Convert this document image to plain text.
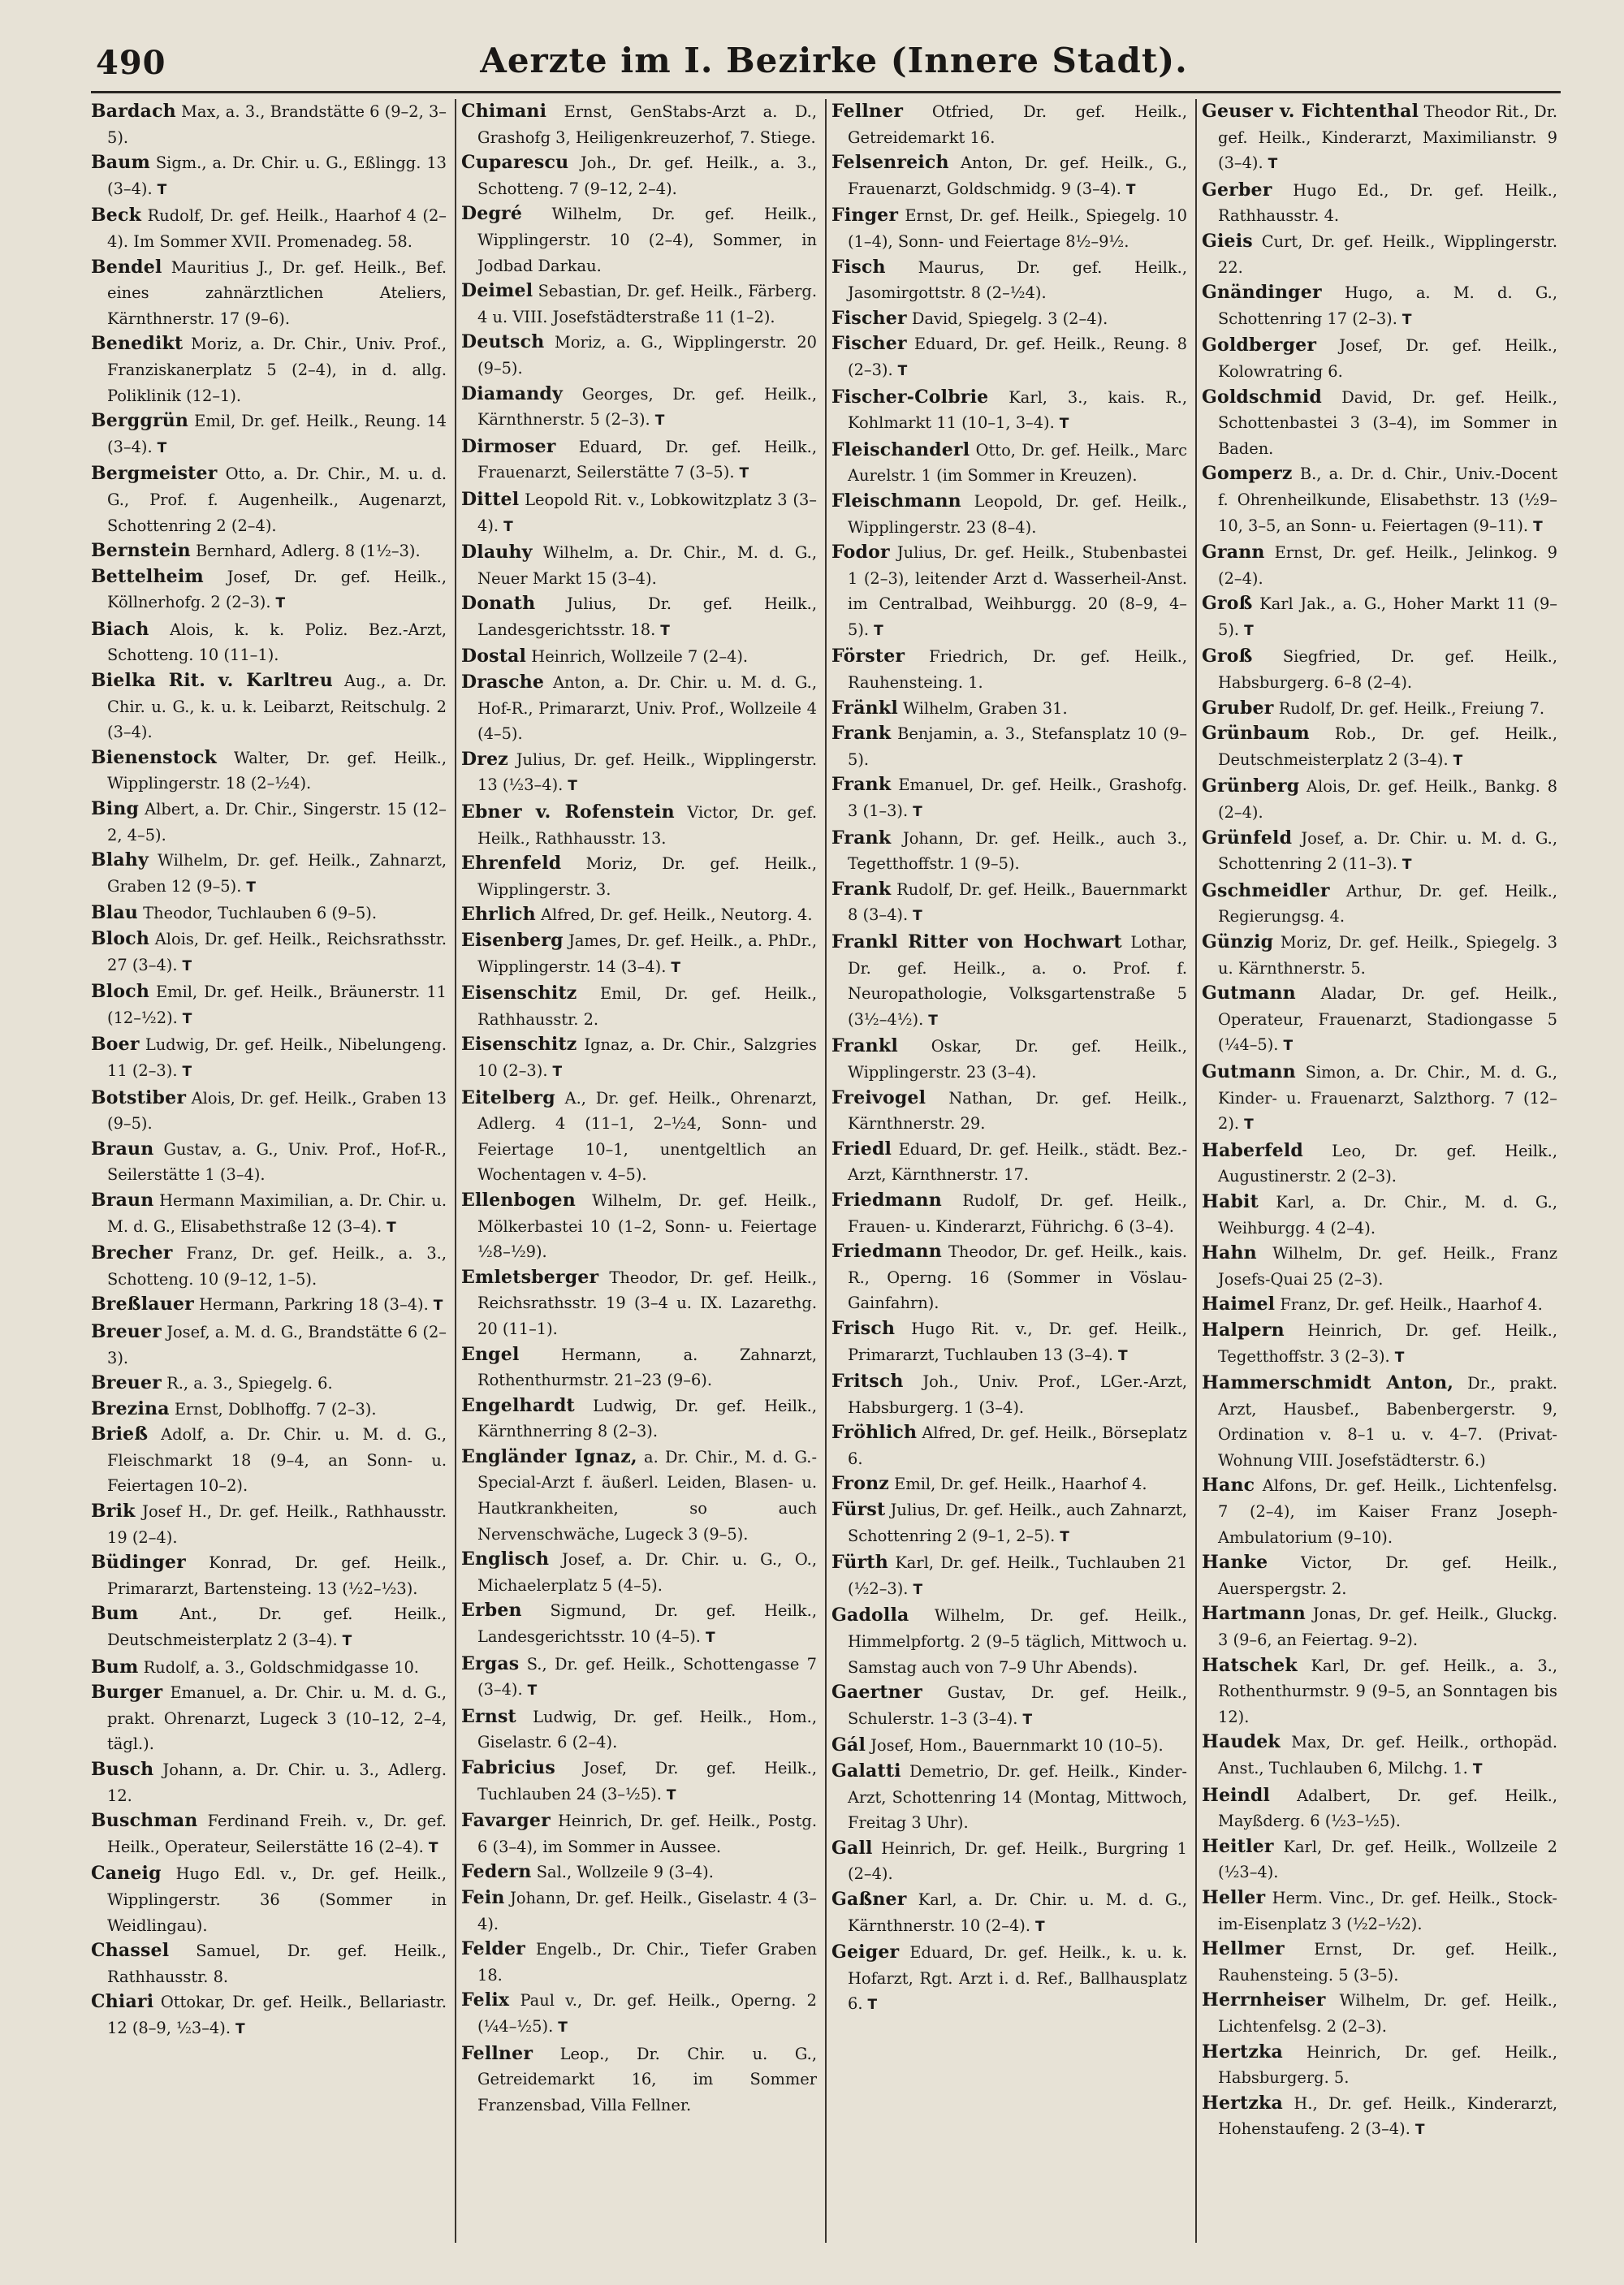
490	Aerzte im I. Bezirke (Innere Stadt).
Bardach Max, a. 3., Brandstätte 6 (9–2, 3–5).
Baum Sigm., a. Dr. Chir. u. G., Eßlingg. 13 (3–4). T
Beck Rudolf, Dr. gef. Heilk., Haarhof 4 (2–4). Im Sommer XVII. Promenadeg. 58.
Bendel Mauritius J., Dr. gef. Heilk., Bef. eines zahnärztlichen Ateliers, Kärnthnerstr. 17 (9–6).
Benedikt Moriz, a. Dr. Chir., Univ. Prof., Franziskanerplatz 5 (2–4), in d. allg. Poliklinik (12–1).
Berggrün Emil, Dr. gef. Heilk., Reung. 14 (3–4). T
Bergmeister Otto, a. Dr. Chir., M. u. d. G., Prof. f. Augenheilk., Augenarzt, Schottenring 2 (2–4).
Bernstein Bernhard, Adlerg. 8 (1½–3).
Bettelheim Josef, Dr. gef. Heilk., Köllnerhofg. 2 (2–3). T
Biach Alois, k. k. Poliz. Bez.-Arzt, Schotteng. 10 (11–1).
Bielka Rit. v. Karltreu Aug., a. Dr. Chir. u. G., k. u. k. Leibarzt, Reitschulg. 2 (3–4).
Bienenstock Walter, Dr. gef. Heilk., Wipplingerstr. 18 (2–½4).
Bing Albert, a. Dr. Chir., Singerstr. 15 (12–2, 4–5).
Blahy Wilhelm, Dr. gef. Heilk., Zahnarzt, Graben 12 (9–5). T
Blau Theodor, Tuchlauben 6 (9–5).
Bloch Alois, Dr. gef. Heilk., Reichsrathsstr. 27 (3–4). T
Bloch Emil, Dr. gef. Heilk., Bräunerstr. 11 (12–½2). T
Boer Ludwig, Dr. gef. Heilk., Nibelungeng. 11 (2–3). T
Botstiber Alois, Dr. gef. Heilk., Graben 13 (9–5).
Braun Gustav, a. G., Univ. Prof., Hof-R., Seilerstätte 1 (3–4).
Braun Hermann Maximilian, a. Dr. Chir. u. M. d. G., Elisabethstraße 12 (3–4). T
Brecher Franz, Dr. gef. Heilk., a. 3., Schotteng. 10 (9–12, 1–5).
Breßlauer Hermann, Parkring 18 (3–4). T
Breuer Josef, a. M. d. G., Brandstätte 6 (2–3).
Breuer R., a. 3., Spiegelg. 6.
Brezina Ernst, Doblhoffg. 7 (2–3).
Brieß Adolf, a. Dr. Chir. u. M. d. G., Fleischmarkt 18 (9–4, an Sonn- u. Feiertagen 10–2).
Brik Josef H., Dr. gef. Heilk., Rathhausstr. 19 (2–4).
Büdinger Konrad, Dr. gef. Heilk., Primararzt, Bartensteing. 13 (½2–½3).
Bum Ant., Dr. gef. Heilk., Deutschmeisterplatz 2 (3–4). T
Bum Rudolf, a. 3., Goldschmidgasse 10.
Burger Emanuel, a. Dr. Chir. u. M. d. G., prakt. Ohrenarzt, Lugeck 3 (10–12, 2–4, tägl.).
Busch Johann, a. Dr. Chir. u. 3., Adlerg. 12.
Buschman Ferdinand Freih. v., Dr. gef. Heilk., Operateur, Seilerstätte 16 (2–4). T
Caneig Hugo Edl. v., Dr. gef. Heilk., Wipplingerstr. 36 (Sommer in Weidlingau).
Chassel Samuel, Dr. gef. Heilk., Rathhausstr. 8.
Chiari Ottokar, Dr. gef. Heilk., Bellariastr. 12 (8–9, ½3–4). T
Chimani Ernst, GenStabs-Arzt a. D., Grashofg 3, Heiligenkreuzerhof, 7. Stiege.
Cuparescu Joh., Dr. gef. Heilk., a. 3., Schotteng. 7 (9–12, 2–4).
Degré Wilhelm, Dr. gef. Heilk., Wipplingerstr. 10 (2–4), Sommer, in Jodbad Darkau.
Deimel Sebastian, Dr. gef. Heilk., Färberg. 4 u. VIII. Josefstädterstraße 11 (1–2).
Deutsch Moriz, a. G., Wipplingerstr. 20 (9–5).
Diamandy Georges, Dr. gef. Heilk., Kärnthnerstr. 5 (2–3). T
Dirmoser Eduard, Dr. gef. Heilk., Frauenarzt, Seilerstätte 7 (3–5). T
Dittel Leopold Rit. v., Lobkowitzplatz 3 (3–4). T
Dlauhy Wilhelm, a. Dr. Chir., M. d. G., Neuer Markt 15 (3–4).
Donath Julius, Dr. gef. Heilk., Landesgerichtsstr. 18. T
Dostal Heinrich, Wollzeile 7 (2–4).
Drasche Anton, a. Dr. Chir. u. M. d. G., Hof-R., Primararzt, Univ. Prof., Wollzeile 4 (4–5).
Drez Julius, Dr. gef. Heilk., Wipplingerstr. 13 (½3–4). T
Ebner v. Rofenstein Victor, Dr. gef. Heilk., Rathhausstr. 13.
Ehrenfeld Moriz, Dr. gef. Heilk., Wipplingerstr. 3.
Ehrlich Alfred, Dr. gef. Heilk., Neutorg. 4.
Eisenberg James, Dr. gef. Heilk., a. PhDr., Wipplingerstr. 14 (3–4). T
Eisenschitz Emil, Dr. gef. Heilk., Rathhausstr. 2.
Eisenschitz Ignaz, a. Dr. Chir., Salzgries 10 (2–3). T
Eitelberg A., Dr. gef. Heilk., Ohrenarzt, Adlerg. 4 (11–1, 2–½4, Sonn- und Feiertage 10–1, unentgeltlich an Wochentagen v. 4–5).
Ellenbogen Wilhelm, Dr. gef. Heilk., Mölkerbastei 10 (1–2, Sonn- u. Feiertage ½8–½9).
Emletsberger Theodor, Dr. gef. Heilk., Reichsrathsstr. 19 (3–4 u. IX. Lazarethg. 20 (11–1).
Engel Hermann, a. Zahnarzt, Rothenthurmstr. 21–23 (9–6).
Engelhardt Ludwig, Dr. gef. Heilk., Kärnthnerring 8 (2–3).
Engländer Ignaz, a. Dr. Chir., M. d. G.-Special-Arzt f. äußerl. Leiden, Blasen- u. Hautkrankheiten, so auch Nervenschwäche, Lugeck 3 (9–5).
Englisch Josef, a. Dr. Chir. u. G., O., Michaelerplatz 5 (4–5).
Erben Sigmund, Dr. gef. Heilk., Landesgerichtsstr. 10 (4–5). T
Ergas S., Dr. gef. Heilk., Schottengasse 7 (3–4). T
Ernst Ludwig, Dr. gef. Heilk., Hom., Giselastr. 6 (2–4).
Fabricius Josef, Dr. gef. Heilk., Tuchlauben 24 (3–½5). T
Favarger Heinrich, Dr. gef. Heilk., Postg. 6 (3–4), im Sommer in Aussee.
Federn Sal., Wollzeile 9 (3–4).
Fein Johann, Dr. gef. Heilk., Giselastr. 4 (3–4).
Felder Engelb., Dr. Chir., Tiefer Graben 18.
Felix Paul v., Dr. gef. Heilk., Operng. 2 (¼4–½5). T
Fellner Leop., Dr. Chir. u. G., Getreidemarkt 16, im Sommer Franzensbad, Villa Fellner.
Fellner Otfried, Dr. gef. Heilk., Getreidemarkt 16.
Felsenreich Anton, Dr. gef. Heilk., G., Frauenarzt, Goldschmidg. 9 (3–4). T
Finger Ernst, Dr. gef. Heilk., Spiegelg. 10 (1–4), Sonn- und Feiertage 8½–9½.
Fisch Maurus, Dr. gef. Heilk., Jasomirgottstr. 8 (2–½4).
Fischer David, Spiegelg. 3 (2–4).
Fischer Eduard, Dr. gef. Heilk., Reung. 8 (2–3). T
Fischer-Colbrie Karl, 3., kais. R., Kohlmarkt 11 (10–1, 3–4). T
Fleischanderl Otto, Dr. gef. Heilk., Marc Aurelstr. 1 (im Sommer in Kreuzen).
Fleischmann Leopold, Dr. gef. Heilk., Wipplingerstr. 23 (8–4).
Fodor Julius, Dr. gef. Heilk., Stubenbastei 1 (2–3), leitender Arzt d. Wasserheil-Anst. im Centralbad, Weihburgg. 20 (8–9, 4–5). T
Förster Friedrich, Dr. gef. Heilk., Rauhensteing. 1.
Fränkl Wilhelm, Graben 31.
Frank Benjamin, a. 3., Stefansplatz 10 (9–5).
Frank Emanuel, Dr. gef. Heilk., Grashofg. 3 (1–3). T
Frank Johann, Dr. gef. Heilk., auch 3., Tegetthoffstr. 1 (9–5).
Frank Rudolf, Dr. gef. Heilk., Bauernmarkt 8 (3–4). T
Frankl Ritter von Hochwart Lothar, Dr. gef. Heilk., a. o. Prof. f. Neuropathologie, Volksgartenstraße 5 (3½–4½). T
Frankl Oskar, Dr. gef. Heilk., Wipplingerstr. 23 (3–4).
Freivogel Nathan, Dr. gef. Heilk., Kärnthnerstr. 29.
Friedl Eduard, Dr. gef. Heilk., städt. Bez.-Arzt, Kärnthnerstr. 17.
Friedmann Rudolf, Dr. gef. Heilk., Frauen- u. Kinderarzt, Führichg. 6 (3–4).
Friedmann Theodor, Dr. gef. Heilk., kais. R., Operng. 16 (Sommer in Vöslau-Gainfahrn).
Frisch Hugo Rit. v., Dr. gef. Heilk., Primararzt, Tuchlauben 13 (3–4). T
Fritsch Joh., Univ. Prof., LGer.-Arzt, Habsburgerg. 1 (3–4).
Fröhlich Alfred, Dr. gef. Heilk., Börseplatz 6.
Fronz Emil, Dr. gef. Heilk., Haarhof 4.
Fürst Julius, Dr. gef. Heilk., auch Zahnarzt, Schottenring 2 (9–1, 2–5). T
Fürth Karl, Dr. gef. Heilk., Tuchlauben 21 (½2–3). T
Gadolla Wilhelm, Dr. gef. Heilk., Himmelpfortg. 2 (9–5 täglich, Mittwoch u. Samstag auch von 7–9 Uhr Abends).
Gaertner Gustav, Dr. gef. Heilk., Schulerstr. 1–3 (3–4). T
Gál Josef, Hom., Bauernmarkt 10 (10–5).
Galatti Demetrio, Dr. gef. Heilk., Kinder-Arzt, Schottenring 14 (Montag, Mittwoch, Freitag 3 Uhr).
Gall Heinrich, Dr. gef. Heilk., Burgring 1 (2–4).
Gaßner Karl, a. Dr. Chir. u. M. d. G., Kärnthnerstr. 10 (2–4). T
Geiger Eduard, Dr. gef. Heilk., k. u. k. Hofarzt, Rgt. Arzt i. d. Ref., Ballhausplatz 6. T
Geuser v. Fichtenthal Theodor Rit., Dr. gef. Heilk., Kinderarzt, Maximilianstr. 9 (3–4). T
Gerber Hugo Ed., Dr. gef. Heilk., Rathhausstr. 4.
Gieis Curt, Dr. gef. Heilk., Wipplingerstr. 22.
Gnändinger Hugo, a. M. d. G., Schottenring 17 (2–3). T
Goldberger Josef, Dr. gef. Heilk., Kolowratring 6.
Goldschmid David, Dr. gef. Heilk., Schottenbastei 3 (3–4), im Sommer in Baden.
Gomperz B., a. Dr. d. Chir., Univ.-Docent f. Ohrenheilkunde, Elisabethstr. 13 (½9–10, 3–5, an Sonn- u. Feiertagen (9–11). T
Grann Ernst, Dr. gef. Heilk., Jelinkog. 9 (2–4).
Groß Karl Jak., a. G., Hoher Markt 11 (9–5). T
Groß Siegfried, Dr. gef. Heilk., Habsburgerg. 6–8 (2–4).
Gruber Rudolf, Dr. gef. Heilk., Freiung 7.
Grünbaum Rob., Dr. gef. Heilk., Deutschmeisterplatz 2 (3–4). T
Grünberg Alois, Dr. gef. Heilk., Bankg. 8 (2–4).
Grünfeld Josef, a. Dr. Chir. u. M. d. G., Schottenring 2 (11–3). T
Gschmeidler Arthur, Dr. gef. Heilk., Regierungsg. 4.
Günzig Moriz, Dr. gef. Heilk., Spiegelg. 3 u. Kärnthnerstr. 5.
Gutmann Aladar, Dr. gef. Heilk., Operateur, Frauenarzt, Stadiongasse 5 (¼4–5). T
Gutmann Simon, a. Dr. Chir., M. d. G., Kinder- u. Frauenarzt, Salzthorg. 7 (12–2). T
Haberfeld Leo, Dr. gef. Heilk., Augustinerstr. 2 (2–3).
Habit Karl, a. Dr. Chir., M. d. G., Weihburgg. 4 (2–4).
Hahn Wilhelm, Dr. gef. Heilk., Franz Josefs-Quai 25 (2–3).
Haimel Franz, Dr. gef. Heilk., Haarhof 4.
Halpern Heinrich, Dr. gef. Heilk., Tegetthoffstr. 3 (2–3). T
Hammerschmidt Anton, Dr., prakt. Arzt, Hausbef., Babenbergerstr. 9, Ordination v. 8–1 u. v. 4–7. (Privat-Wohnung VIII. Josefstädterstr. 6.)
Hanc Alfons, Dr. gef. Heilk., Lichtenfelsg. 7 (2–4), im Kaiser Franz Joseph-Ambulatorium (9–10).
Hanke Victor, Dr. gef. Heilk., Auerspergstr. 2.
Hartmann Jonas, Dr. gef. Heilk., Gluckg. 3 (9–6, an Feiertag. 9–2).
Hatschek Karl, Dr. gef. Heilk., a. 3., Rothenthurmstr. 9 (9–5, an Sonntagen bis 12).
Haudek Max, Dr. gef. Heilk., orthopäd. Anst., Tuchlauben 6, Milchg. 1. T
Heindl Adalbert, Dr. gef. Heilk., Mayßderg. 6 (½3–½5).
Heitler Karl, Dr. gef. Heilk., Wollzeile 2 (½3–4).
Heller Herm. Vinc., Dr. gef. Heilk., Stock-im-Eisenplatz 3 (½2–½2).
Hellmer Ernst, Dr. gef. Heilk., Rauhensteing. 5 (3–5).
Herrnheiser Wilhelm, Dr. gef. Heilk., Lichtenfelsg. 2 (2–3).
Hertzka Heinrich, Dr. gef. Heilk., Habsburgerg. 5.
Hertzka H., Dr. gef. Heilk., Kinderarzt, Hohenstaufeng. 2 (3–4). T
